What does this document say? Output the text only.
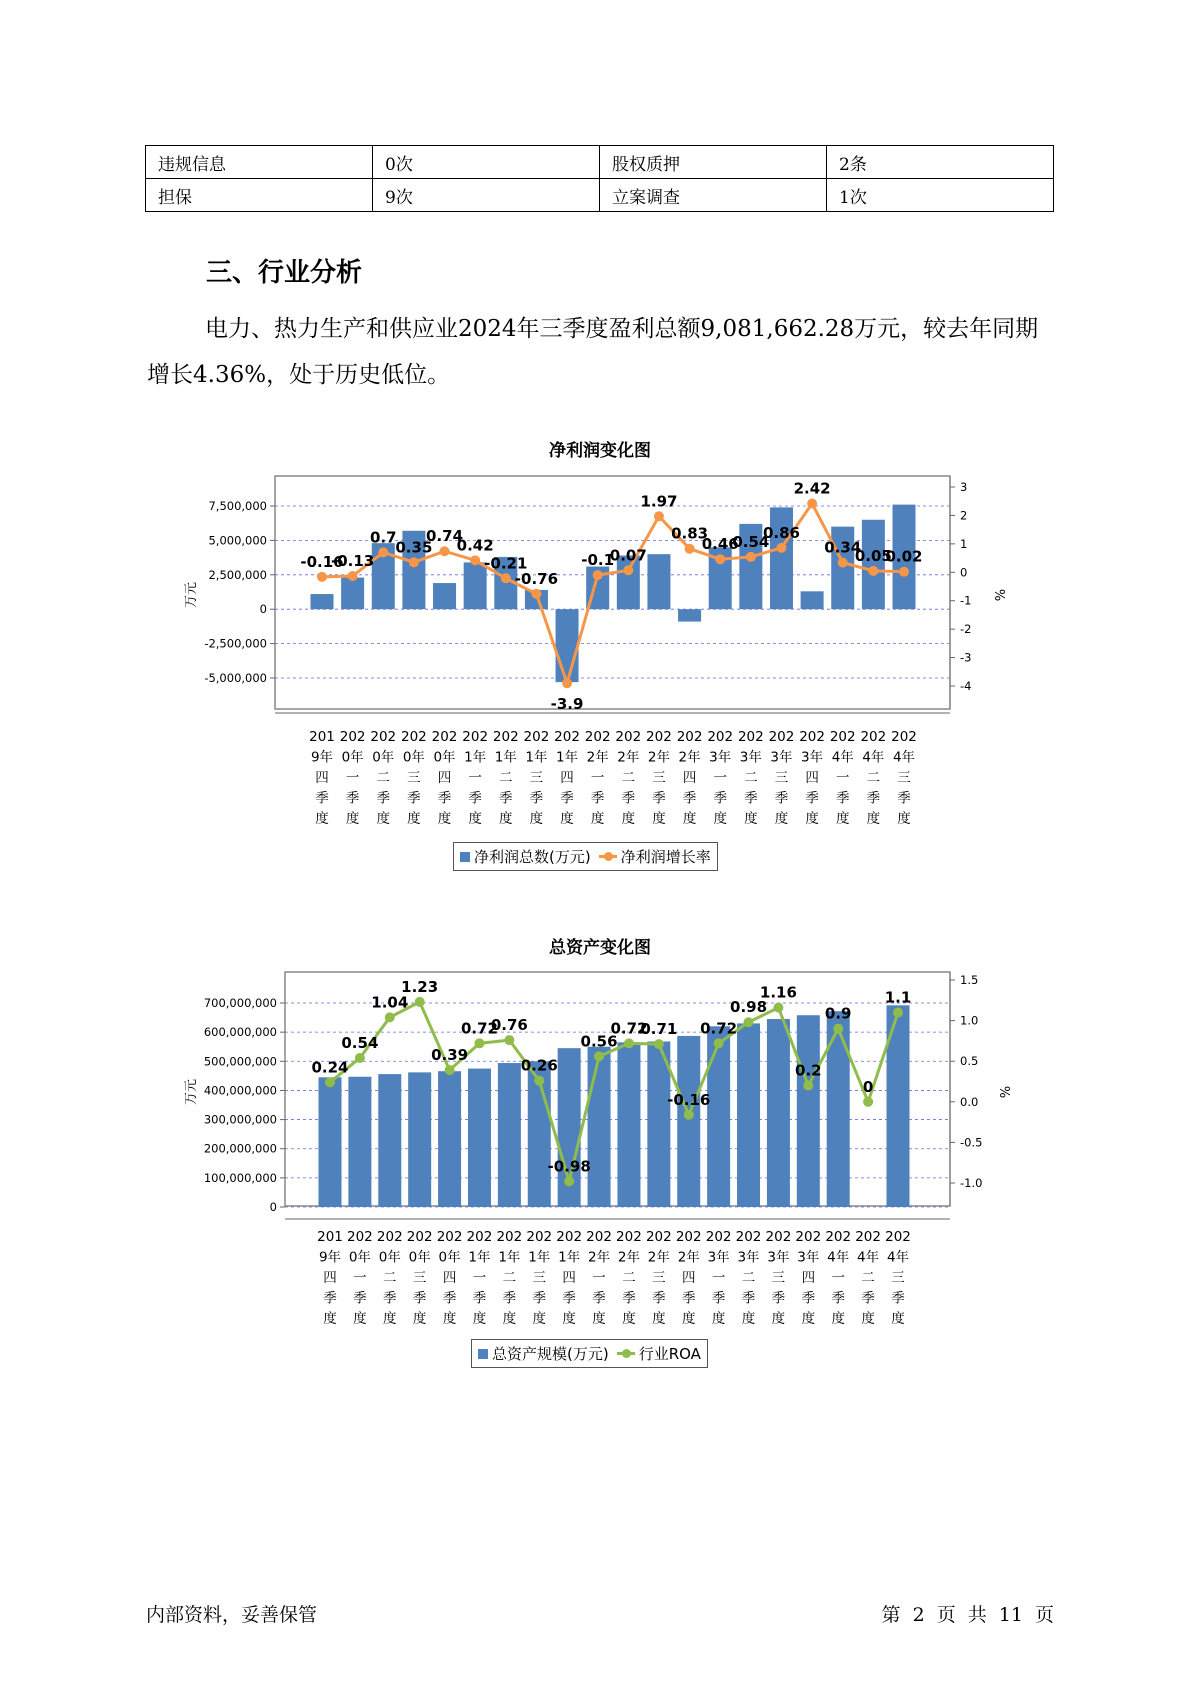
违规信息	0次	股权质押	2条
担保	9次	立案调查	1次
三、行业分析

电力、热力生产和供应业2024年三季度盈利总额9,081,662.28万元，较去年同期增长4.36%，处于历史低位。

净利润变化图
7,500,000
5,000,000
2,500,000
0
-2,500,000
-5,000,000
3
2
1
0
-1
-2
-3
-4
万元	%
-0.16
-0.13
0.7
0.35
0.74
0.42
-0.21
-0.76
-3.9
-0.1
0.07
1.97
0.83
0.46
0.54
0.86
2.42
0.34
0.05
0.02
201 9年四季度
202 0年一季度
202 0年二季度
202 0年三季度
202 0年四季度
202 1年一季度
202 1年二季度
202 1年三季度
202 1年四季度
202 2年一季度
202 2年二季度
202 2年三季度
202 2年四季度
202 3年一季度
202 3年二季度
202 3年三季度
202 3年四季度
202 4年一季度
202 4年二季度
202 4年三季度
净利润总数(万元) 净利润增长率
总资产变化图
700,000,000
600,000,000
500,000,000
400,000,000
300,000,000
200,000,000
100,000,000
0
1.5
1.0
0.5
0.0
-0.5
-1.0
万元	%
0.24
0.54
1.04
1.23
0.39
0.72
0.76
0.26
-0.98
0.56
0.72
0.71
-0.16
0.72
0.98
1.16
0.2
0.9
0
1.1
201 9年四季度
202 0年一季度
202 0年二季度
202 0年三季度
202 0年四季度
202 1年一季度
202 1年二季度
202 1年三季度
202 1年四季度
202 2年一季度
202 2年二季度
202 2年三季度
202 2年四季度
202 3年一季度
202 3年二季度
202 3年三季度
202 3年四季度
202 4年一季度
202 4年二季度
202 4年三季度
总资产规模(万元) 行业ROA
内部资料，妥善保管	第 2 页 共 11 页
